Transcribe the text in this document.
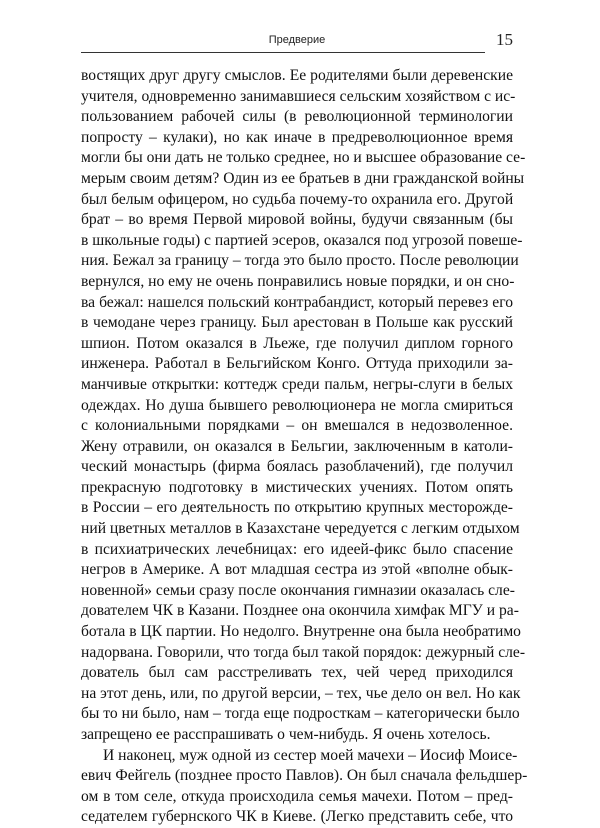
Предверие	15
востящих друг другу смыслов. Ее родителями были деревенские
учителя, одновременно занимавшиеся сельским хозяйством с ис-
пользованием рабочей силы (в революционной терминологии
попросту – кулаки), но как иначе в предреволюционное время
могли бы они дать не только среднее, но и высшее образование се-
мерым своим детям? Один из ее братьев в дни гражданской войны
был белым офицером, но судьба почему-то охранила его. Другой
брат – во время Первой мировой войны, будучи связанным (бы
в школьные годы) с партией эсеров, оказался под угрозой повеше-
ния. Бежал за границу – тогда это было просто. После революции
вернулся, но ему не очень понравились новые порядки, и он сно-
ва бежал: нашелся польский контрабандист, который перевез его
в чемодане через границу. Был арестован в Польше как русский
шпион. Потом оказался в Льеже, где получил диплом горного
инженера. Работал в Бельгийском Конго. Оттуда приходили за-
манчивые открытки: коттедж среди пальм, негры-слуги в белых
одеждах. Но душа бывшего революционера не могла смириться
с колониальными порядками – он вмешался в недозволенное.
Жену отравили, он оказался в Бельгии, заключенным в католи-
ческий монастырь (фирма боялась разоблачений), где получил
прекрасную подготовку в мистических учениях. Потом опять
в России – его деятельность по открытию крупных месторожде-
ний цветных металлов в Казахстане чередуется с легким отдыхом
в психиатрических лечебницах: его идеей-фикс было спасение
негров в Америке. А вот младшая сестра из этой «вполне обык-
новенной» семьи сразу после окончания гимназии оказалась сле-
дователем ЧК в Казани. Позднее она окончила химфак МГУ и ра-
ботала в ЦК партии. Но недолго. Внутренне она была необратимо
надорвана. Говорили, что тогда был такой порядок: дежурный сле-
дователь был сам расстреливать тех, чей черед приходился
на этот день, или, по другой версии, – тех, чье дело он вел. Но как
бы то ни было, нам – тогда еще подросткам – категорически было
запрещено ее расспрашивать о чем-нибудь. Я очень хотелось.
И наконец, муж одной из сестер моей мачехи – Иосиф Моисе-
евич Фейгель (позднее просто Павлов). Он был сначала фельдшер-
ом в том селе, откуда происходила семья мачехи. Потом – пред-
седателем губернского ЧК в Киеве. (Легко представить себе, что
